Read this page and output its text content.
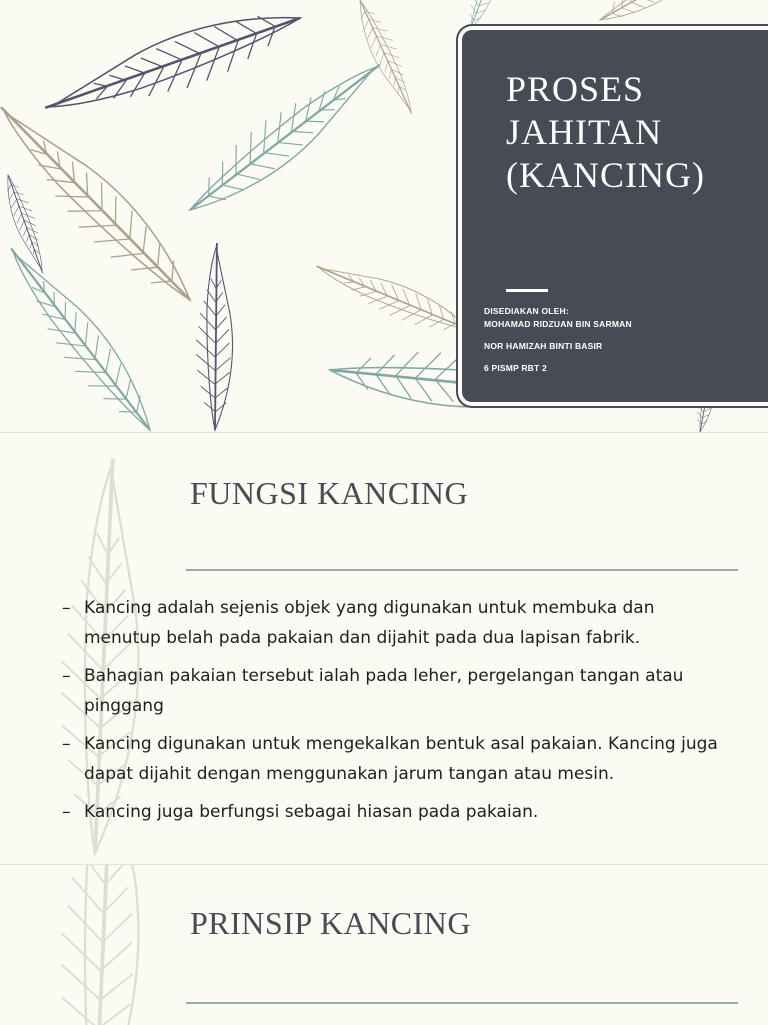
PROSES
JAHITAN
(KANCING)
DISEDIAKAN OLEH:
MOHAMAD RIDZUAN BIN SARMAN
NOR HAMIZAH BINTI BASIR
6 PISMP RBT 2
FUNGSI KANCING
– Kancing adalah sejenis objek yang digunakan untuk membuka dan menutup belah pada pakaian dan dijahit pada dua lapisan fabrik.
– Bahagian pakaian tersebut ialah pada leher, pergelangan tangan atau pinggang
– Kancing digunakan untuk mengekalkan bentuk asal pakaian. Kancing juga dapat dijahit dengan menggunakan jarum tangan atau mesin.
– Kancing juga berfungsi sebagai hiasan pada pakaian.
PRINSIP KANCING
